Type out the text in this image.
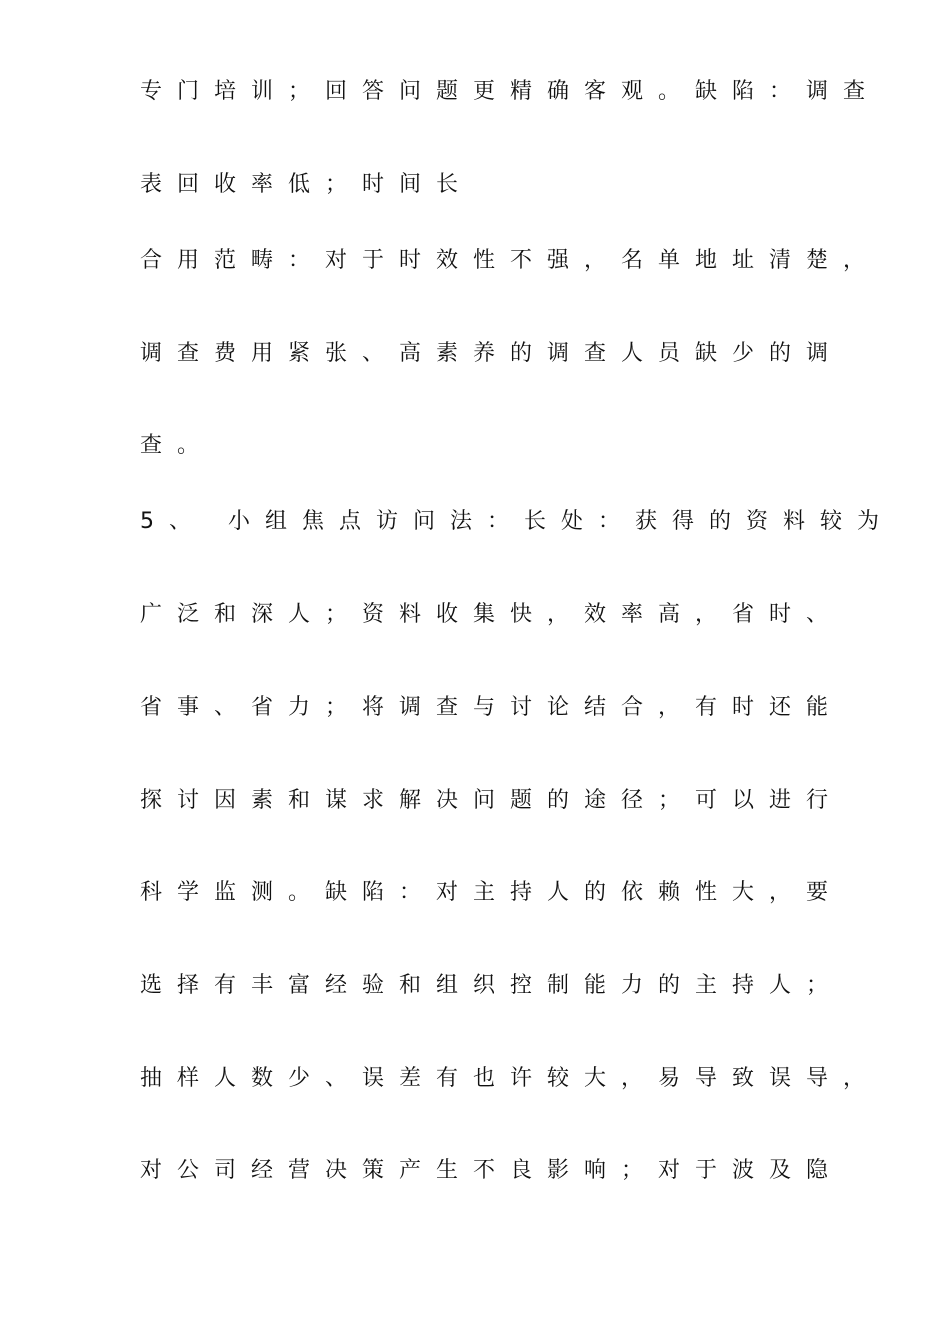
专门培训；回答问题更精确客观。缺陷：调查
表回收率低；时间长
合用范畴：对于时效性不强，名单地址清楚，
调查费用紧张、高素养的调查人员缺少的调
查。
5、 小组焦点访问法：长处：获得的资料较为
广泛和深人；资料收集快，效率高，省时、
省事、省力；将调查与讨论结合，有时还能
探讨因素和谋求解决问题的途径；可以进行
科学监测。缺陷：对主持人的依赖性大，要
选择有丰富经验和组织控制能力的主持人；
抽样人数少、误差有也许较大，易导致误导，
对公司经营决策产生不良影响；对于波及隐
